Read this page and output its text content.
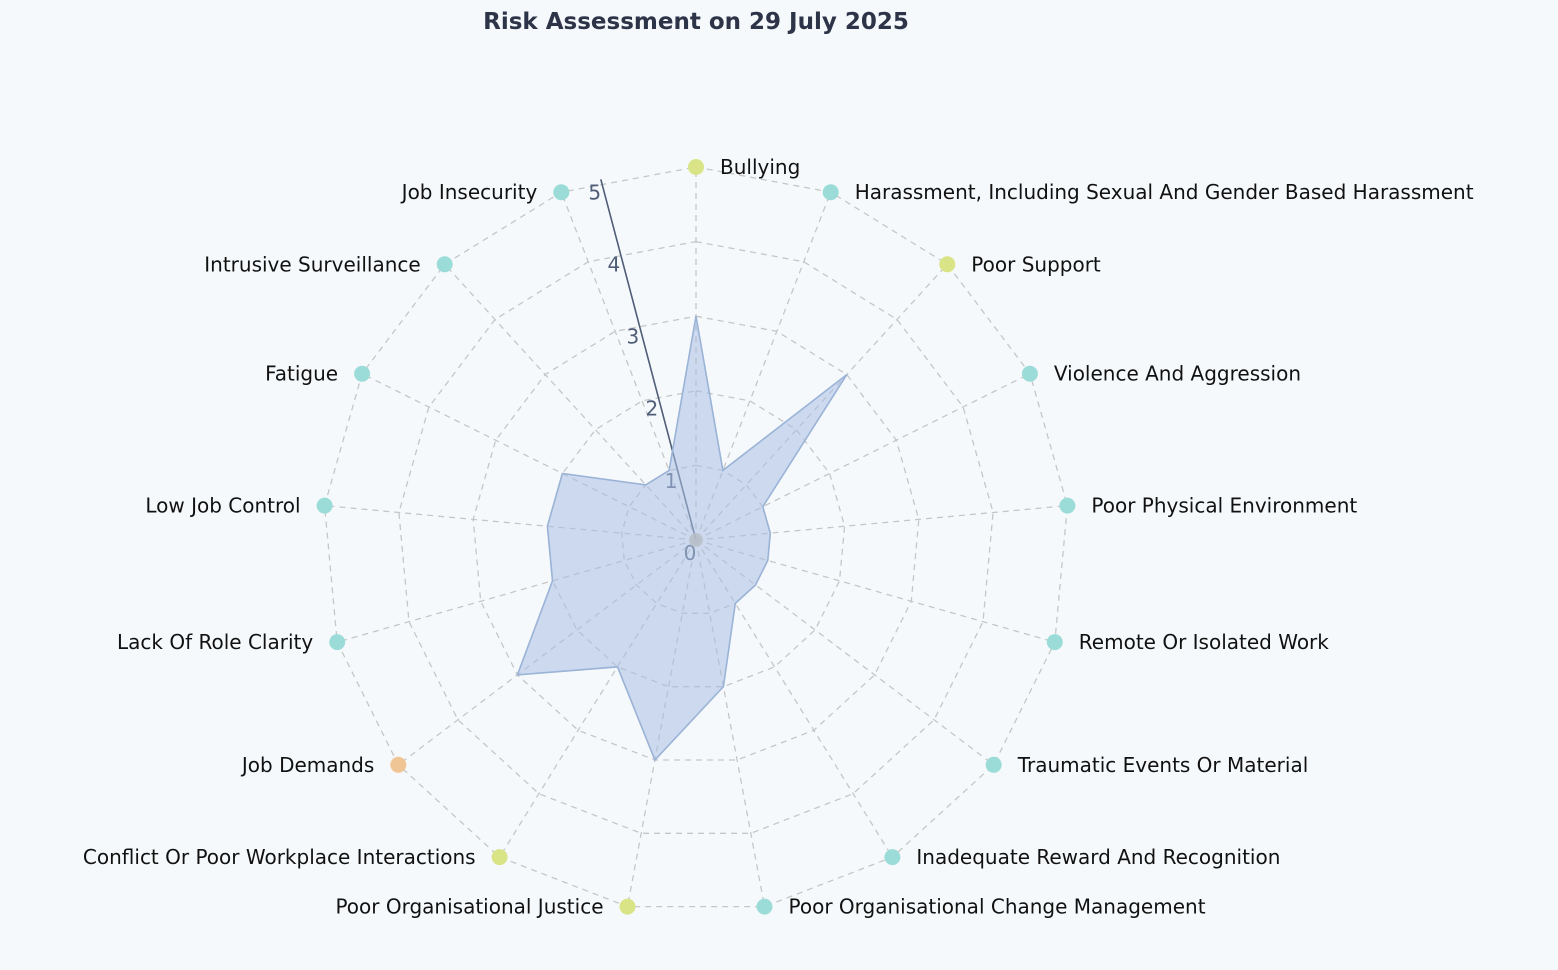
Risk Assessment on 29 July 2025
2
3
4
5
Bullying
Harassment, Including Sexual And Gender Based Harassment
Poor Support
Violence And Aggression
Poor Physical Environment
Remote Or Isolated Work
Traumatic Events Or Material
Inadequate Reward And Recognition
Poor Organisational Change Management
Poor Organisational Justice
Conflict Or Poor Workplace Interactions
Job Demands
Lack Of Role Clarity
Low Job Control
Fatigue
Intrusive Surveillance
Job Insecurity
